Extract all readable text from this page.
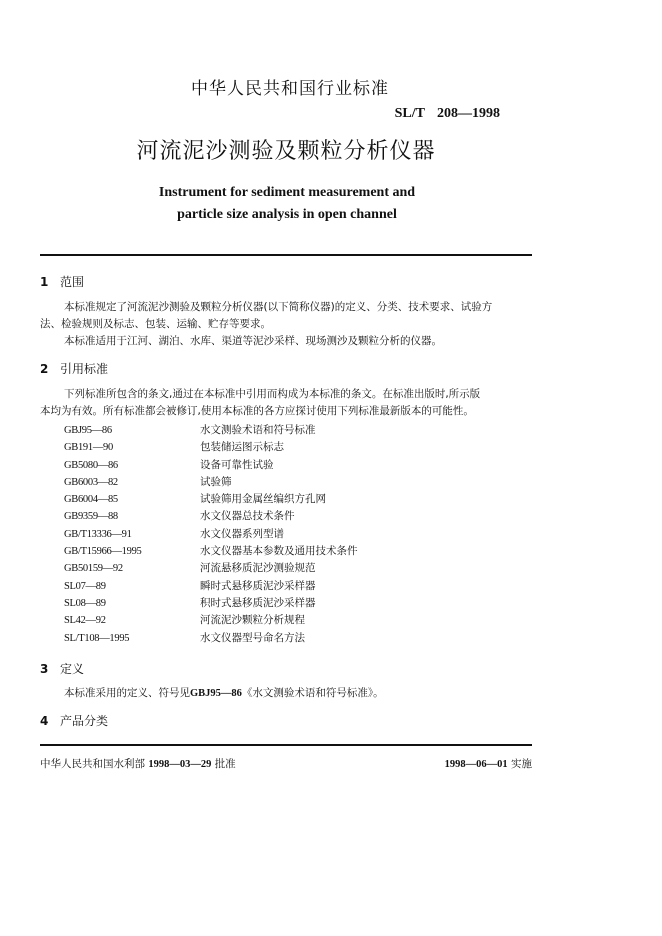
中华人民共和国行业标准
SL/T 208—1998
河流泥沙测验及颗粒分析仪器
Instrument for sediment measurement and
particle size analysis in open channel
1 范围
本标准规定了河流泥沙测验及颗粒分析仪器(以下简称仪器)的定义、分类、技术要求、试验方
法、检验规则及标志、包装、运输、贮存等要求。
本标准适用于江河、湖泊、水库、渠道等泥沙采样、现场测沙及颗粒分析的仪器。
2 引用标准
下列标准所包含的条文,通过在本标准中引用而构成为本标准的条文。在标准出版时,所示版
本均为有效。所有标准都会被修订,使用本标准的各方应探讨使用下列标准最新版本的可能性。
GBJ95—86	水文测验术语和符号标准
GB191—90	包装储运图示标志
GB5080—86	设备可靠性试验
GB6003—82	试验筛
GB6004—85	试验筛用金属丝编织方孔网
GB9359—88	水文仪器总技术条件
GB/T13336—91	水文仪器系列型谱
GB/T15966—1995	水文仪器基本参数及通用技术条件
GB50159—92	河流悬移质泥沙测验规范
SL07—89	瞬时式悬移质泥沙采样器
SL08—89	积时式悬移质泥沙采样器
SL42—92	河流泥沙颗粒分析规程
SL/T108—1995	水文仪器型号命名方法
3 定义
本标准采用的定义、符号见GBJ95—86《水文测验术语和符号标准》。
4 产品分类
中华人民共和国水利部 1998—03—29 批准	1998—06—01 实施
